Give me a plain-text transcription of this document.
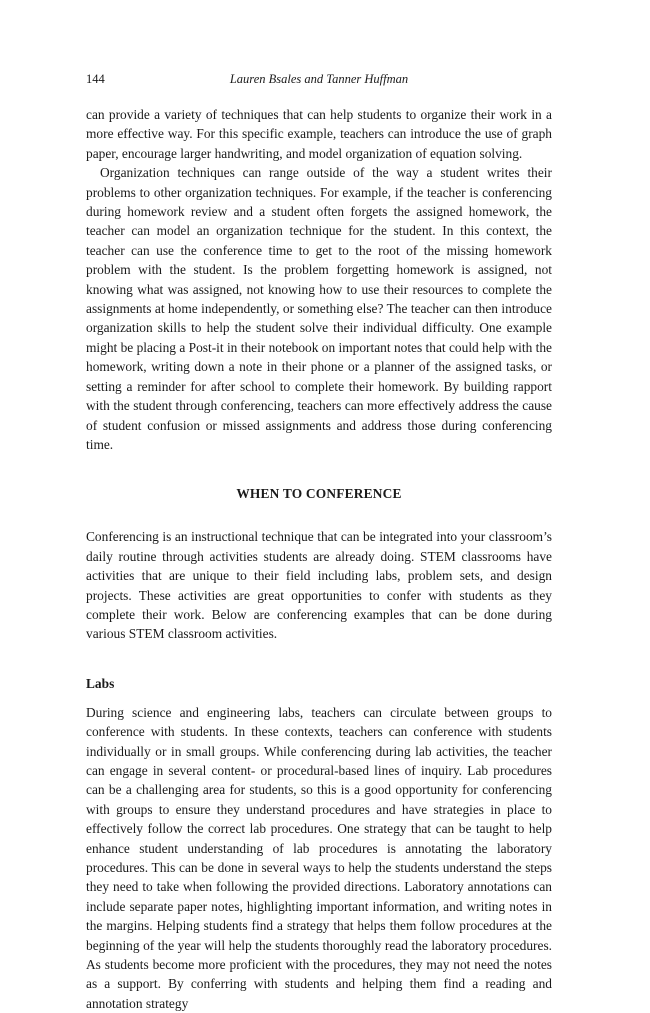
144	Lauren Bsales and Tanner Huffman

can provide a variety of techniques that can help students to organize their work in a more effective way. For this specific example, teachers can introduce the use of graph paper, encourage larger handwriting, and model organization of equation solving.

Organization techniques can range outside of the way a student writes their problems to other organization techniques. For example, if the teacher is conferencing during homework review and a student often forgets the assigned homework, the teacher can model an organization technique for the student. In this context, the teacher can use the conference time to get to the root of the missing homework problem with the student. Is the problem forgetting homework is assigned, not knowing what was assigned, not knowing how to use their resources to complete the assignments at home independently, or something else? The teacher can then introduce organization skills to help the student solve their individual difficulty. One example might be placing a Post-it in their notebook on important notes that could help with the homework, writing down a note in their phone or a planner of the assigned tasks, or setting a reminder for after school to complete their homework. By building rapport with the student through conferencing, teachers can more effectively address the cause of student confusion or missed assignments and address those during conferencing time.

WHEN TO CONFERENCE

Conferencing is an instructional technique that can be integrated into your classroom’s daily routine through activities students are already doing. STEM classrooms have activities that are unique to their field including labs, problem sets, and design projects. These activities are great opportunities to confer with students as they complete their work. Below are conferencing examples that can be done during various STEM classroom activities.

Labs

During science and engineering labs, teachers can circulate between groups to conference with students. In these contexts, teachers can conference with students individually or in small groups. While conferencing during lab activities, the teacher can engage in several content- or procedural-based lines of inquiry. Lab procedures can be a challenging area for students, so this is a good opportunity for conferencing with groups to ensure they understand procedures and have strategies in place to effectively follow the correct lab procedures. One strategy that can be taught to help enhance student understanding of lab procedures is annotating the laboratory procedures. This can be done in several ways to help the students understand the steps they need to take when following the provided directions. Laboratory annotations can include separate paper notes, highlighting important information, and writing notes in the margins. Helping students find a strategy that helps them follow procedures at the beginning of the year will help the students thoroughly read the laboratory procedures. As students become more proficient with the procedures, they may not need the notes as a support. By conferring with students and helping them find a reading and annotation strategy
